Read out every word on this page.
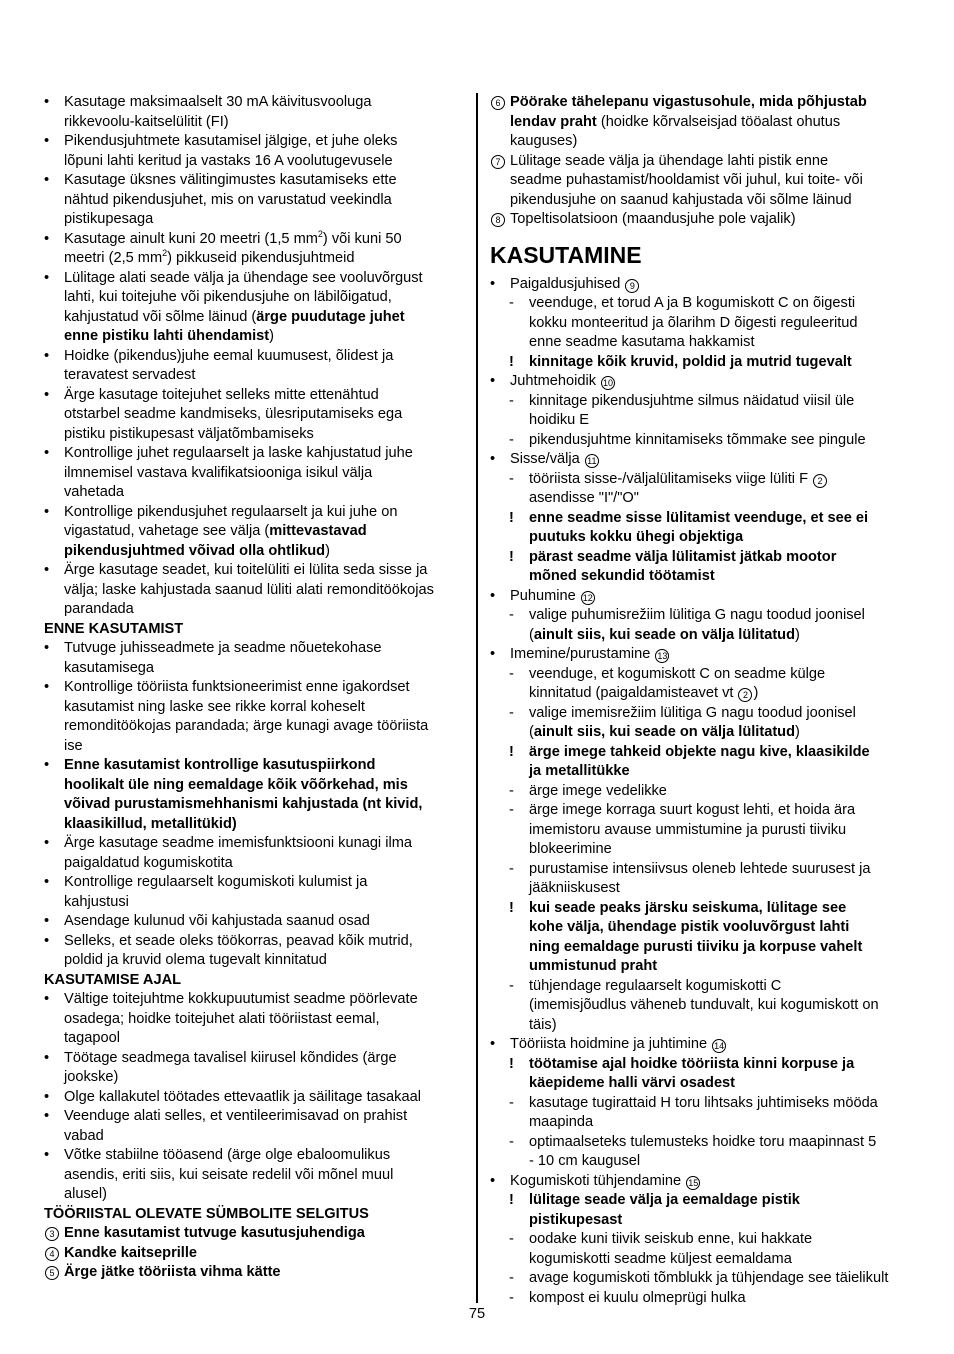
• Kasutage maksimaalselt 30 mA käivitusvooluga
rikkevoolu-kaitselülitit (FI)
• Pikendusjuhtmete kasutamisel jälgige, et juhe oleks
lõpuni lahti keritud ja vastaks 16 A voolutugevusele
• Kasutage üksnes välitingimustes kasutamiseks ette
nähtud pikendusjuhet, mis on varustatud veekindla
pistikupesaga
• Kasutage ainult kuni 20 meetri (1,5 $mm^2$) või kuni 50
meetri (2,5 $mm^2$) pikkuseid pikendusjuhtmeid
• Lülitage alati seade välja ja ühendage see vooluvõrgust
lahti, kui toitejuhe või pikendusjuhe on läbilõigatud,
kahjustatud või sõlme läinud (ärge puudutage juhet
enne pistiku lahti ühendamist)
• Hoidke (pikendus)juhe eemal kuumusest, õlidest ja
teravatest servadest
• Ärge kasutage toitejuhet selleks mitte ettenähtud
otstarbel seadme kandmiseks, ülesriputamiseks ega
pistiku pistikupesast väljatõmbamiseks
• Kontrollige juhet regulaarselt ja laske kahjustatud juhe
ilmnemisel vastava kvalifikatsiooniga isikul välja
vahetada
• Kontrollige pikendusjuhet regulaarselt ja kui juhe on
vigastatud, vahetage see välja (mittevastavad
pikendusjuhtmed võivad olla ohtlikud)
• Ärge kasutage seadet, kui toitelüliti ei lülita seda sisse ja
välja; laske kahjustada saanud lüliti alati remonditöökojas
parandada
ENNE KASUTAMIST
• Tutvuge juhisseadmete ja seadme nõuetekohase
kasutamisega
• Kontrollige tööriista funktsioneerimist enne igakordset
kasutamist ning laske see rikke korral koheselt
remonditöökojas parandada; ärge kunagi avage tööriista
ise
• Enne kasutamist kontrollige kasutuspiirkond
hoolikalt üle ning eemaldage kõik võõrkehad, mis
võivad purustamismehhanismi kahjustada (nt kivid,
klaasikillud, metallitükid)
• Ärge kasutage seadme imemisfunktsiooni kunagi ilma
paigaldatud kogumiskotita
• Kontrollige regulaarselt kogumiskoti kulumist ja
kahjustusi
• Asendage kulunud või kahjustada saanud osad
• Selleks, et seade oleks töökorras, peavad kõik mutrid,
poldid ja kruvid olema tugevalt kinnitatud
KASUTAMISE AJAL
• Vältige toitejuhtme kokkupuutumist seadme pöörlevate
osadega; hoidke toitejuhet alati tööriistast eemal,
tagapool
• Töötage seadmega tavalisel kiirusel kõndides (ärge
jookske)
• Olge kallakutel töötades ettevaatlik ja säilitage tasakaal
• Veenduge alati selles, et ventileerimisavad on prahist
vabad
• Võtke stabiilne tööasend (ärge olge ebaloomulikus
asendis, eriti siis, kui seisate redelil või mõnel muul
alusel)
TÖÖRIISTAL OLEVATE SÜMBOLITE SELGITUS
3 Enne kasutamist tutvuge kasutusjuhendiga
4 Kandke kaitseprille
5 Ärge jätke tööriista vihma kätte
6 Pöörake tähelepanu vigastusohule, mida põhjustab
lendav praht (hoidke kõrvalseisjad tööalast ohutus
kauguses)
7 Lülitage seade välja ja ühendage lahti pistik enne
seadme puhastamist/hooldamist või juhul, kui toite- või
pikendusjuhe on saanud kahjustada või sõlme läinud
8 Topeltisolatsioon (maandusjuhe pole vajalik)
KASUTAMINE
• Paigaldusjuhised 9
- veenduge, et torud A ja B kogumiskott C on õigesti
kokku monteeritud ja õlarihm D õigesti reguleeritud
enne seadme kasutama hakkamist
! kinnitage kõik kruvid, poldid ja mutrid tugevalt
• Juhtmehoidik 10
- kinnitage pikendusjuhtme silmus näidatud viisil üle
hoidiku E
- pikendusjuhtme kinnitamiseks tõmmake see pingule
• Sisse/välja 11
- tööriista sisse-/väljalülitamiseks viige lüliti F 2
asendisse "I"/"O"
! enne seadme sisse lülitamist veenduge, et see ei
puutuks kokku ühegi objektiga
! pärast seadme välja lülitamist jätkab mootor
mõned sekundid töötamist
• Puhumine 12
- valige puhumisrežiim lülitiga G nagu toodud joonisel
(ainult siis, kui seade on välja lülitatud)
• Imemine/purustamine 13
- veenduge, et kogumiskott C on seadme külge
kinnitatud (paigaldamisteavet vt 2 )
- valige imemisrežiim lülitiga G nagu toodud joonisel
(ainult siis, kui seade on välja lülitatud)
! ärge imege tahkeid objekte nagu kive, klaasikilde
ja metallitükke
- ärge imege vedelikke
- ärge imege korraga suurt kogust lehti, et hoida ära
imemistoru avause ummistumine ja purusti tiiviku
blokeerimine
- purustamise intensiivsus oleneb lehtede suurusest ja
jääkniiskusest
! kui seade peaks järsku seiskuma, lülitage see
kohe välja, ühendage pistik vooluvõrgust lahti
ning eemaldage purusti tiiviku ja korpuse vahelt
ummistunud praht
- tühjendage regulaarselt kogumiskotti C
(imemisjõudlus väheneb tunduvalt, kui kogumiskott on
täis)
• Tööriista hoidmine ja juhtimine 14
! töötamise ajal hoidke tööriista kinni korpuse ja
käepideme halli värvi osadest
- kasutage tugirattaid H toru lihtsaks juhtimiseks mööda
maapinda
- optimaalseteks tulemusteks hoidke toru maapinnast 5
- 10 cm kaugusel
• Kogumiskoti tühjendamine 15
! lülitage seade välja ja eemaldage pistik
pistikupesast
- oodake kuni tiivik seiskub enne, kui hakkate
kogumiskotti seadme küljest eemaldama
- avage kogumiskoti tõmblukk ja tühjendage see täielikult
- kompost ei kuulu olmeprügi hulka
75
